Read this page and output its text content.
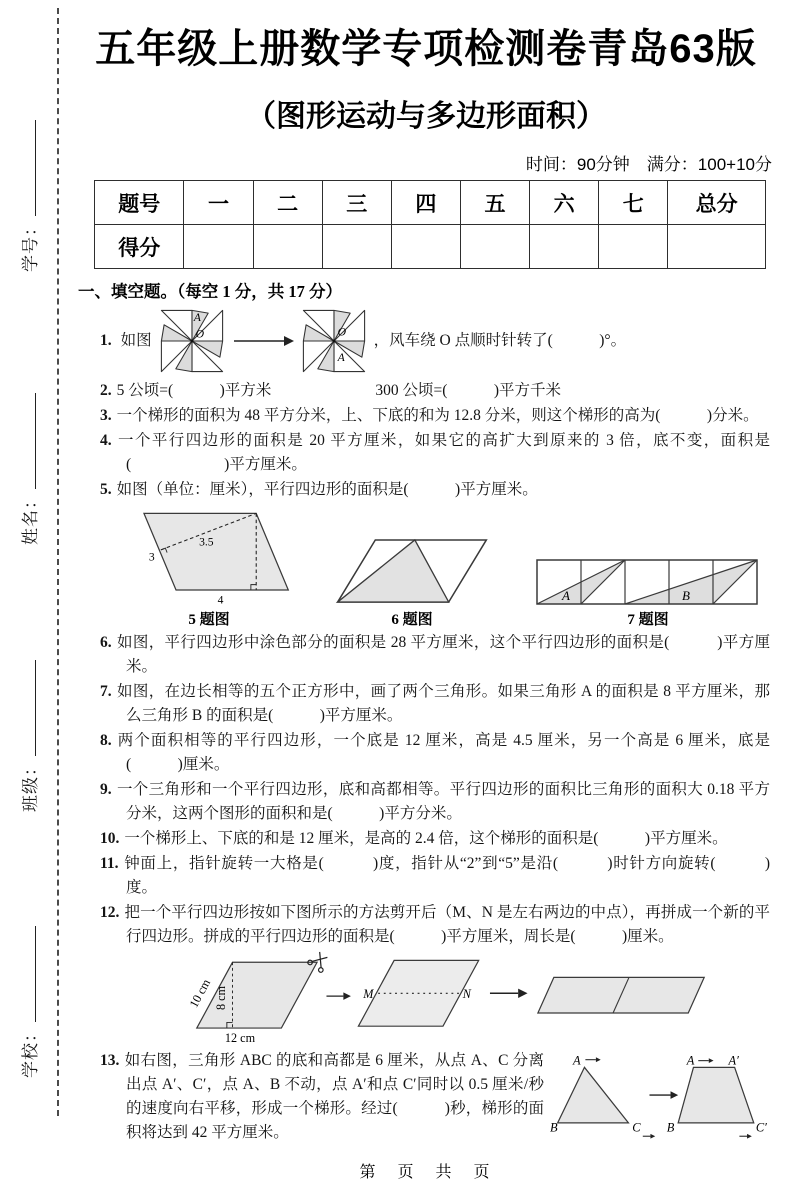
学号：
姓名：
班级：
学校：
五年级上册数学专项检测卷青岛63版
（图形运动与多边形面积）
时间：90分钟　满分：100+10分
题号	一	二	三	四	五	六	七	总分
得分								
一、填空题。（每空 1 分，共 17 分）
1. 如图
A
O	O
A
，风车绕 O 点顺时针转了(　　　)°。
2. 5 公顷=(　　　)平方米	300 公顷=(　　　)平方千米
3. 一个梯形的面积为 48 平方分米，上、下底的和为 12.8 分米，则这个梯形的高为(　　　)分米。
4. 一个平行四边形的面积是 20 平方厘米，如果它的高扩大到原来的 3 倍，底不变，面积是(　　　　　　)平方厘米。
5. 如图（单位：厘米），平行四边形的面积是(　　　)平方厘米。
3
3.5
4
5 题图	6 题图
A	B
7 题图
6. 如图，平行四边形中涂色部分的面积是 28 平方厘米，这个平行四边形的面积是(　　　)平方厘米。
7. 如图，在边长相等的五个正方形中，画了两个三角形。如果三角形 A 的面积是 8 平方厘米，那么三角形 B 的面积是(　　　)平方厘米。
8. 两个面积相等的平行四边形，一个底是 12 厘米，高是 4.5 厘米，另一个高是 6 厘米，底是(　　　)厘米。
9. 一个三角形和一个平行四边形，底和高都相等。平行四边形的面积比三角形的面积大 0.18 平方分米，这两个图形的面积和是(　　　)平方分米。
10. 一个梯形上、下底的和是 12 厘米，是高的 2.4 倍，这个梯形的面积是(　　　)平方厘米。
11. 钟面上，指针旋转一大格是(　　　)度，指针从“2”到“5”是沿(　　　)时针方向旋转(　　　)度。
12. 把一个平行四边形按如下图所示的方法剪开后（M、N 是左右两边的中点），再拼成一个新的平行四边形。拼成的平行四边形的面积是(　　　)平方厘米，周长是(　　　)厘米。
10 cm 8 cm
12 cm
M	N
A
B	C
A	A′
B	C′
13. 如右图，三角形 ABC 的底和高都是 6 厘米，从点 A、C 分离出点 A′、C′，点 A、B 不动，点 A′和点 C′同时以 0.5 厘米/秒的速度向右平移，形成一个梯形。经过(　　　)秒，梯形的面积将达到 42 平方厘米。
第　页　共　页
